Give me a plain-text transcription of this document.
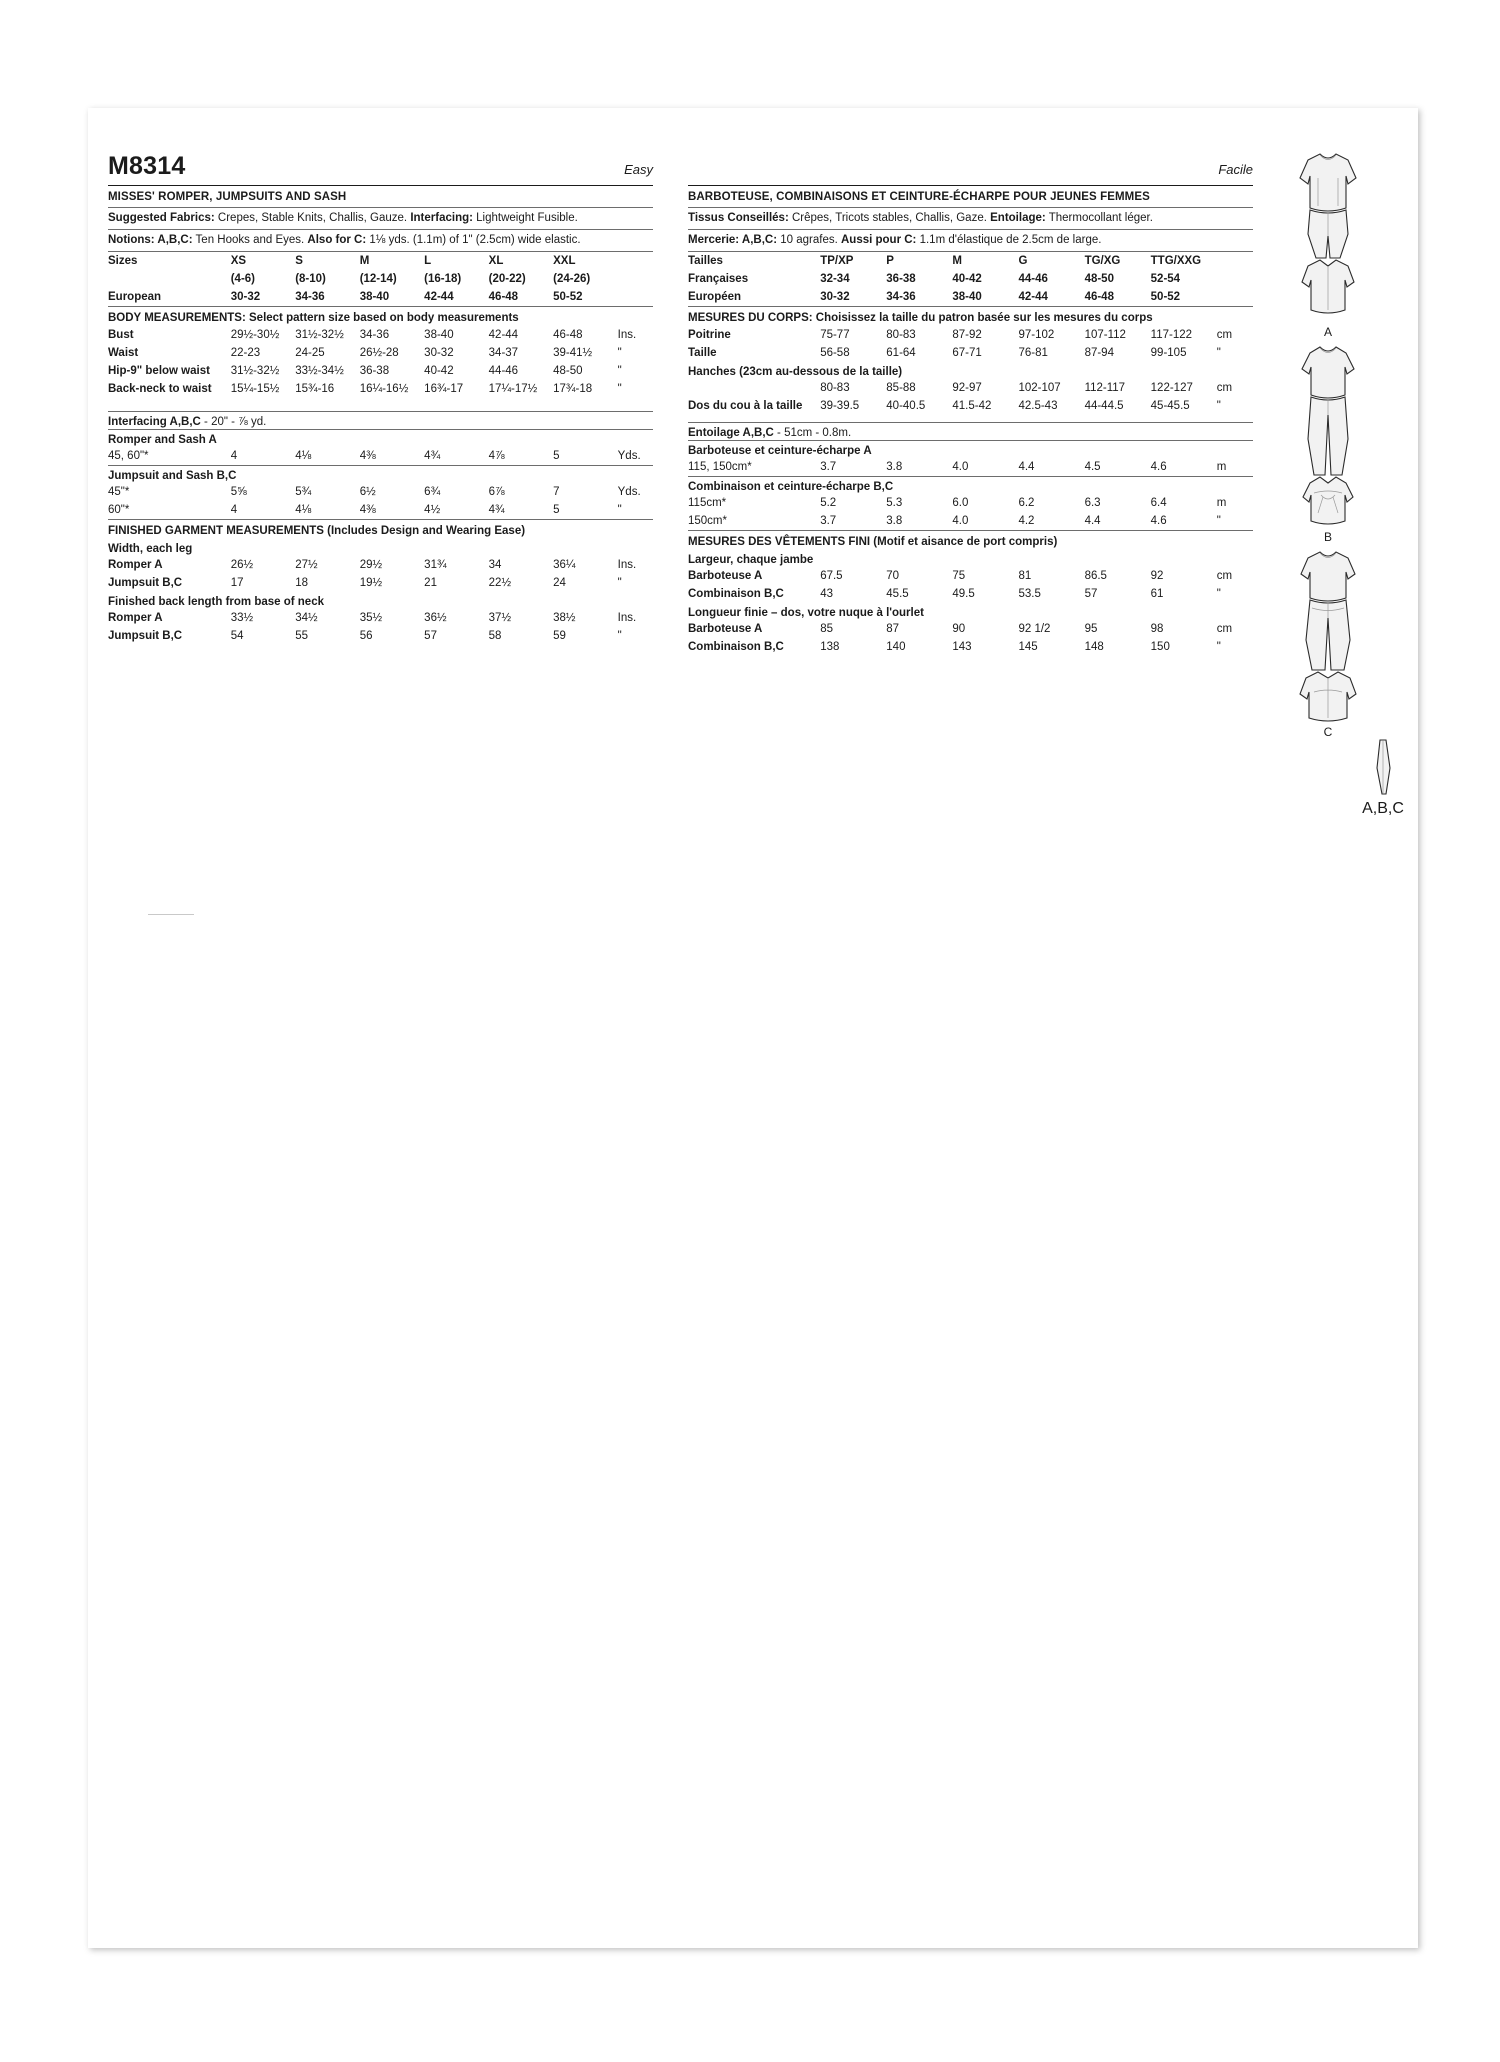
M8314	Easy
MISSES' ROMPER, JUMPSUITS AND SASH
Suggested Fabrics: Crepes, Stable Knits, Challis, Gauze. Interfacing: Lightweight Fusible.
Notions: A,B,C: Ten Hooks and Eyes. Also for C: 1⅛ yds. (1.1m) of 1" (2.5cm) wide elastic.
Sizes	XS	S	M	L	XL	XXL	
	(4-6)	(8-10)	(12-14)	(16-18)	(20-22)	(24-26)	
European	30-32	34-36	38-40	42-44	46-48	50-52	
BODY MEASUREMENTS: Select pattern size based on body measurements
Bust	29½-30½	31½-32½	34-36	38-40	42-44	46-48	Ins.
Waist	22-23	24-25	26½-28	30-32	34-37	39-41½	"
Hip-9" below waist	31½-32½	33½-34½	36-38	40-42	44-46	48-50	"
Back-neck to waist	15¼-15½	15¾-16	16¼-16½	16¾-17	17¼-17½	17¾-18	"
Interfacing A,B,C - 20" - ⅞ yd.
Romper and Sash A
45, 60"*	4	4⅛	4⅜	4¾	4⅞	5	Yds.
Jumpsuit and Sash B,C
45"*	5⅝	5¾	6½	6¾	6⅞	7	Yds.
60"*	4	4⅛	4⅜	4½	4¾	5	"
FINISHED GARMENT MEASUREMENTS (Includes Design and Wearing Ease)
Width, each leg
Romper A	26½	27½	29½	31¾	34	36¼	Ins.
Jumpsuit B,C	17	18	19½	21	22½	24	"
Finished back length from base of neck
Romper A	33½	34½	35½	36½	37½	38½	Ins.
Jumpsuit B,C	54	55	56	57	58	59	"
Facile
BARBOTEUSE, COMBINAISONS ET CEINTURE-ÉCHARPE POUR JEUNES FEMMES
Tissus Conseillés: Crêpes, Tricots stables, Challis, Gaze. Entoilage: Thermocollant léger.
Mercerie: A,B,C: 10 agrafes. Aussi pour C: 1.1m d'élastique de 2.5cm de large.
Tailles	TP/XP	P	M	G	TG/XG	TTG/XXG	
Françaises	32-34	36-38	40-42	44-46	48-50	52-54	
Européen	30-32	34-36	38-40	42-44	46-48	50-52	
MESURES DU CORPS: Choisissez la taille du patron basée sur les mesures du corps
Poitrine	75-77	80-83	87-92	97-102	107-112	117-122	cm
Taille	56-58	61-64	67-71	76-81	87-94	99-105	"
Hanches (23cm au-dessous de la taille)
	80-83	85-88	92-97	102-107	112-117	122-127	cm
Dos du cou à la taille	39-39.5	40-40.5	41.5-42	42.5-43	44-44.5	45-45.5	"
Entoilage A,B,C - 51cm - 0.8m.
Barboteuse et ceinture-écharpe A
115, 150cm*	3.7	3.8	4.0	4.4	4.5	4.6	m
Combinaison et ceinture-écharpe B,C
115cm*	5.2	5.3	6.0	6.2	6.3	6.4	m
150cm*	3.7	3.8	4.0	4.2	4.4	4.6	"
MESURES DES VÊTEMENTS FINI (Motif et aisance de port compris)
Largeur, chaque jambe
Barboteuse A	67.5	70	75	81	86.5	92	cm
Combinaison B,C	43	45.5	49.5	53.5	57	61	"
Longueur finie – dos, votre nuque à l'ourlet
Barboteuse A	85	87	90	92 1/2	95	98	cm
Combinaison B,C	138	140	143	145	148	150	"
A
B
C
A,B,C
